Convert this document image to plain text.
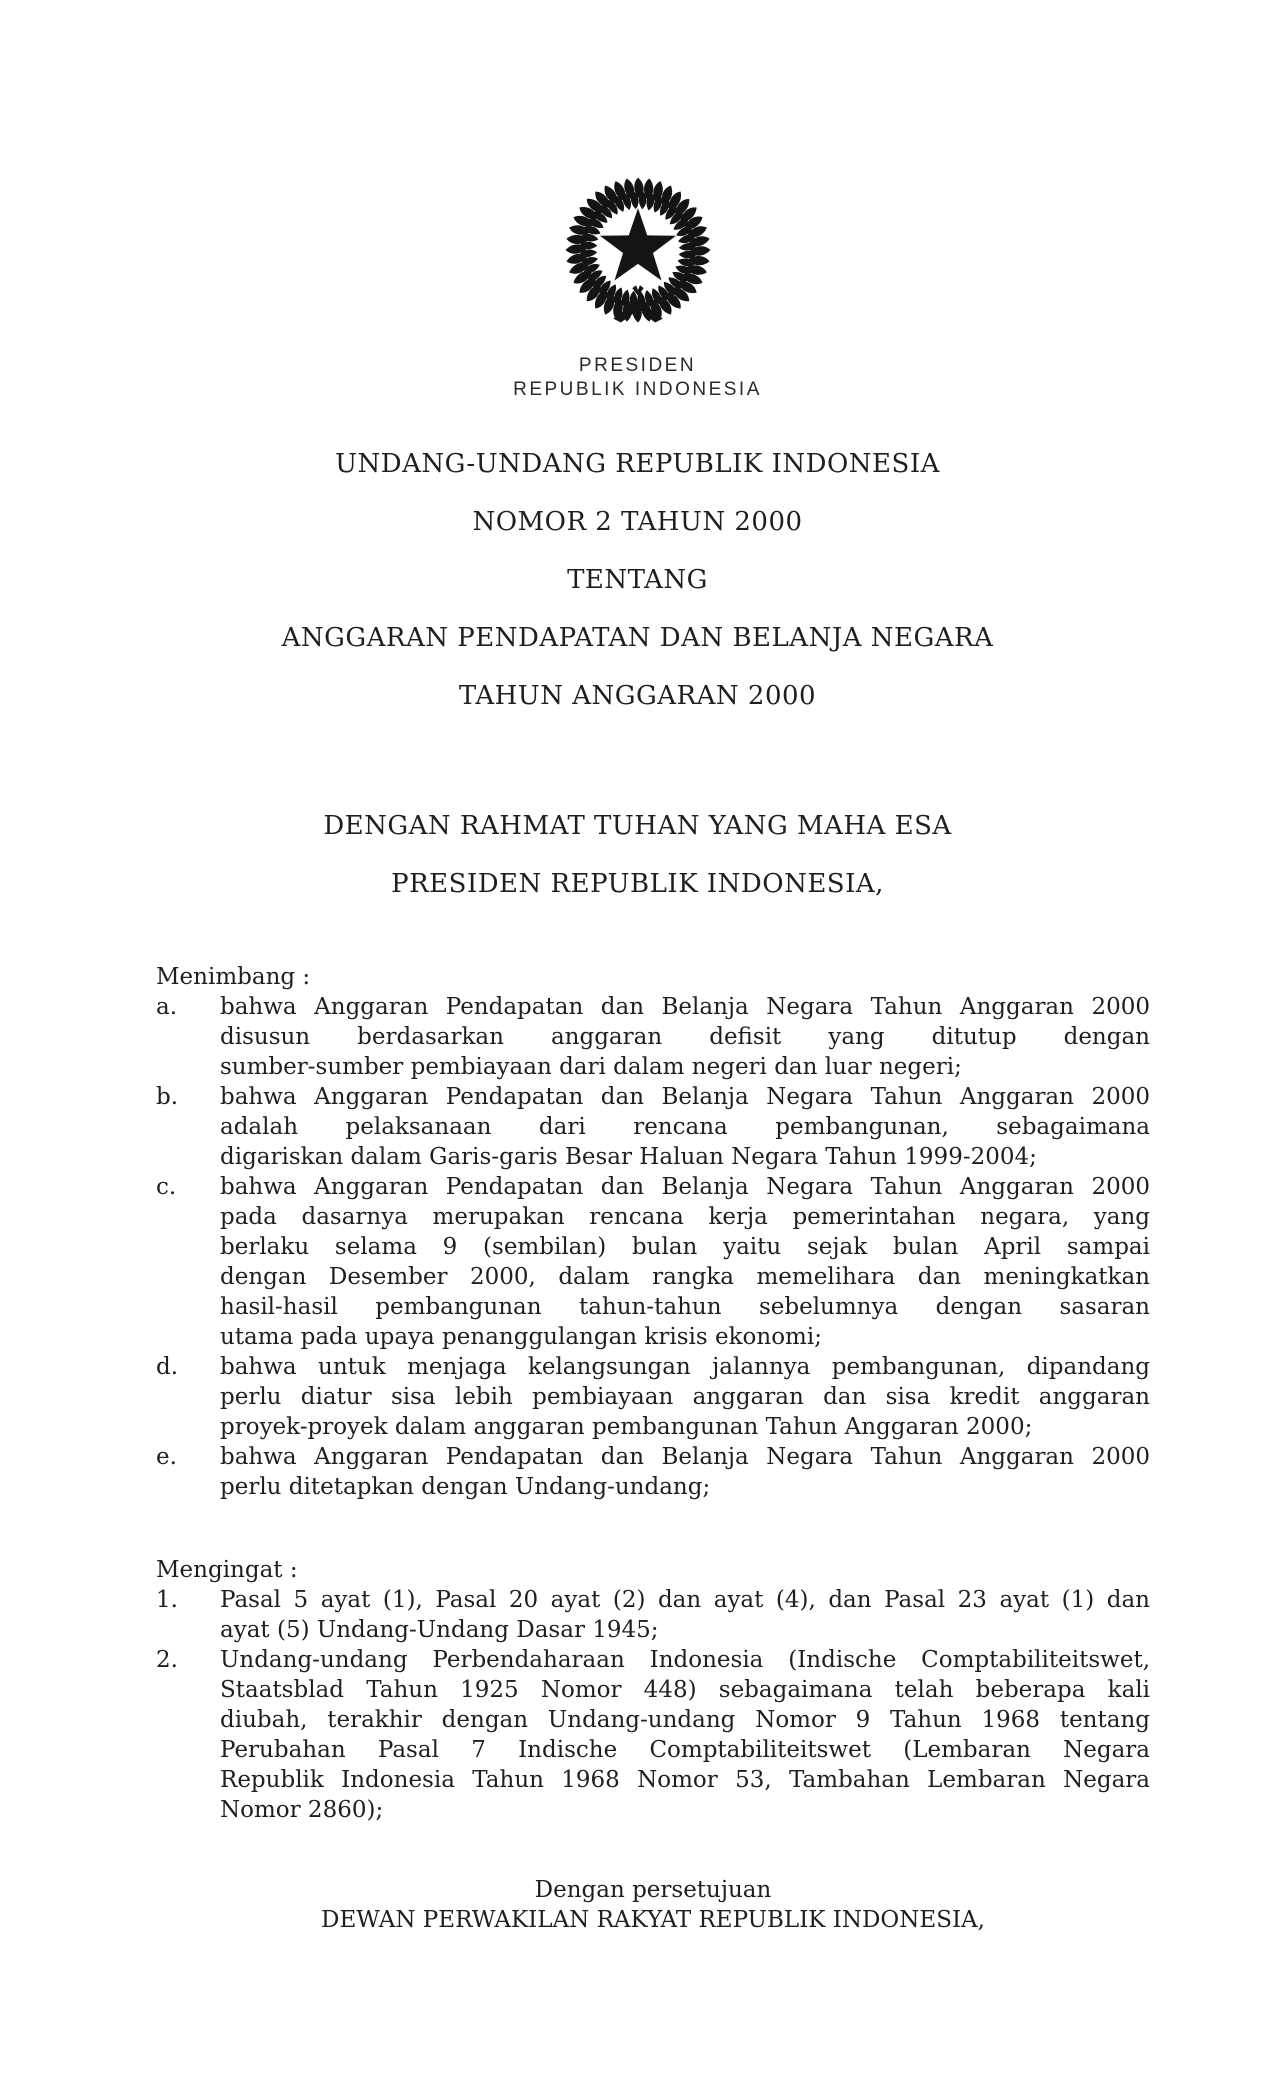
PRESIDEN
REPUBLIK INDONESIA
UNDANG-UNDANG REPUBLIK INDONESIA
NOMOR 2 TAHUN 2000
TENTANG
ANGGARAN PENDAPATAN DAN BELANJA NEGARA
TAHUN ANGGARAN 2000
DENGAN RAHMAT TUHAN YANG MAHA ESA
PRESIDEN REPUBLIK INDONESIA,
Menimbang :
a.	bahwa Anggaran Pendapatan dan Belanja Negara Tahun Anggaran 2000
disusun berdasarkan anggaran defisit yang ditutup dengan
sumber-sumber pembiayaan dari dalam negeri dan luar negeri;
b.	bahwa Anggaran Pendapatan dan Belanja Negara Tahun Anggaran 2000
adalah pelaksanaan dari rencana pembangunan, sebagaimana
digariskan dalam Garis-garis Besar Haluan Negara Tahun 1999-2004;
c.	bahwa Anggaran Pendapatan dan Belanja Negara Tahun Anggaran 2000
pada dasarnya merupakan rencana kerja pemerintahan negara, yang
berlaku selama 9 (sembilan) bulan yaitu sejak bulan April sampai
dengan Desember 2000, dalam rangka memelihara dan meningkatkan
hasil-hasil pembangunan tahun-tahun sebelumnya dengan sasaran
utama pada upaya penanggulangan krisis ekonomi;
d.	bahwa untuk menjaga kelangsungan jalannya pembangunan, dipandang
perlu diatur sisa lebih pembiayaan anggaran dan sisa kredit anggaran
proyek-proyek dalam anggaran pembangunan Tahun Anggaran 2000;
e.	bahwa Anggaran Pendapatan dan Belanja Negara Tahun Anggaran 2000
perlu ditetapkan dengan Undang-undang;
Mengingat :
1.	Pasal 5 ayat (1), Pasal 20 ayat (2) dan ayat (4), dan Pasal 23 ayat (1) dan
ayat (5) Undang-Undang Dasar 1945;
2.	Undang-undang Perbendaharaan Indonesia (Indische Comptabiliteitswet,
Staatsblad Tahun 1925 Nomor 448) sebagaimana telah beberapa kali
diubah, terakhir dengan Undang-undang Nomor 9 Tahun 1968 tentang
Perubahan Pasal 7 Indische Comptabiliteitswet (Lembaran Negara
Republik Indonesia Tahun 1968 Nomor 53, Tambahan Lembaran Negara
Nomor 2860);
Dengan persetujuan
DEWAN PERWAKILAN RAKYAT REPUBLIK INDONESIA,
